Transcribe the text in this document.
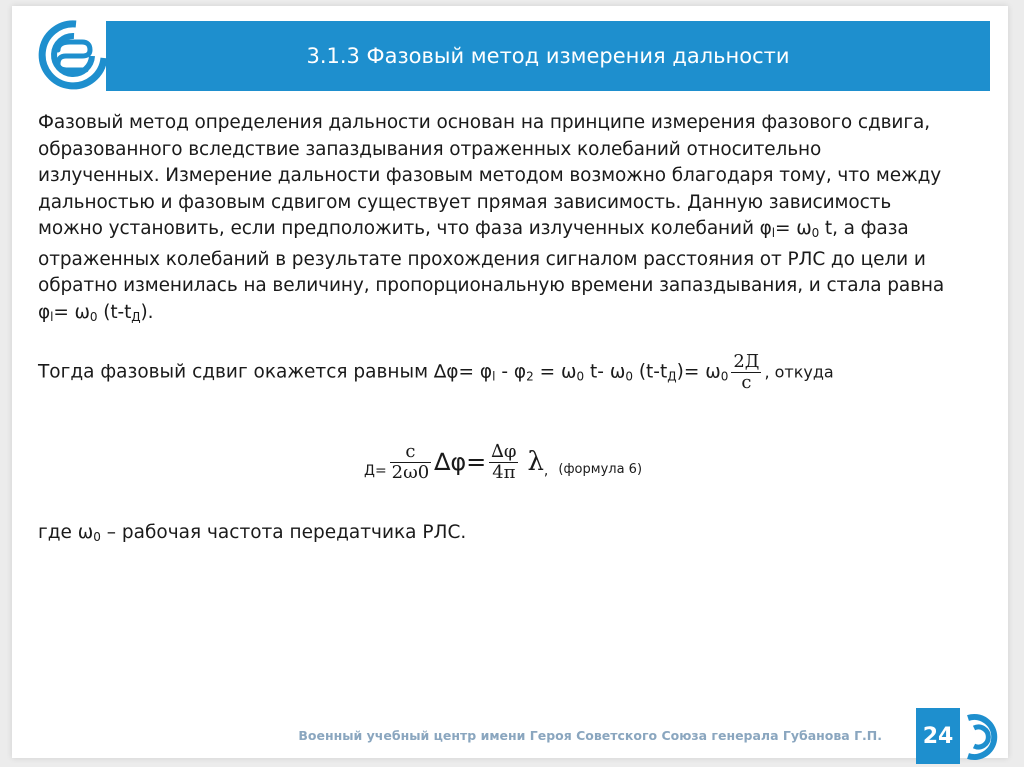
3.1.3 Фазовый метод измерения дальности

Фазовый метод определения дальности основан на принципе измерения фазового сдвига, образованного вследствие запаздывания отраженных колебаний относительно излученных. Измерение дальности фазовым методом возможно благодаря тому, что между дальностью и фазовым сдвигом существует прямая зависимость. Данную зависимость можно установить, если предположить, что фаза излученных колебаний $\varphi_l= \omega_0$ t, а фаза отраженных колебаний в результате прохождения сигналом расстояния от РЛС до цели и обратно изменилась на величину, пропорциональную времени запаздывания, и стала равна $\varphi_l= \omega_0$ $(t-t_Д)$.

Тогда фазовый сдвиг окажется равным $\Delta\varphi= \varphi_l - \varphi_2 = \omega_0$ t- $\omega_0$ $(t-t_Д)= \omega_0 \frac{2Д}{c}$ , откуда
$Д= \frac{c}{2\omega 0} \Delta\varphi= \frac{\Delta\varphi}{4\pi}$ λ , (формула 6)
где $\omega_0$ – рабочая частота передатчика РЛС.
Военный учебный центр имени Героя Советского Союза генерала Губанова Г.П.	24
